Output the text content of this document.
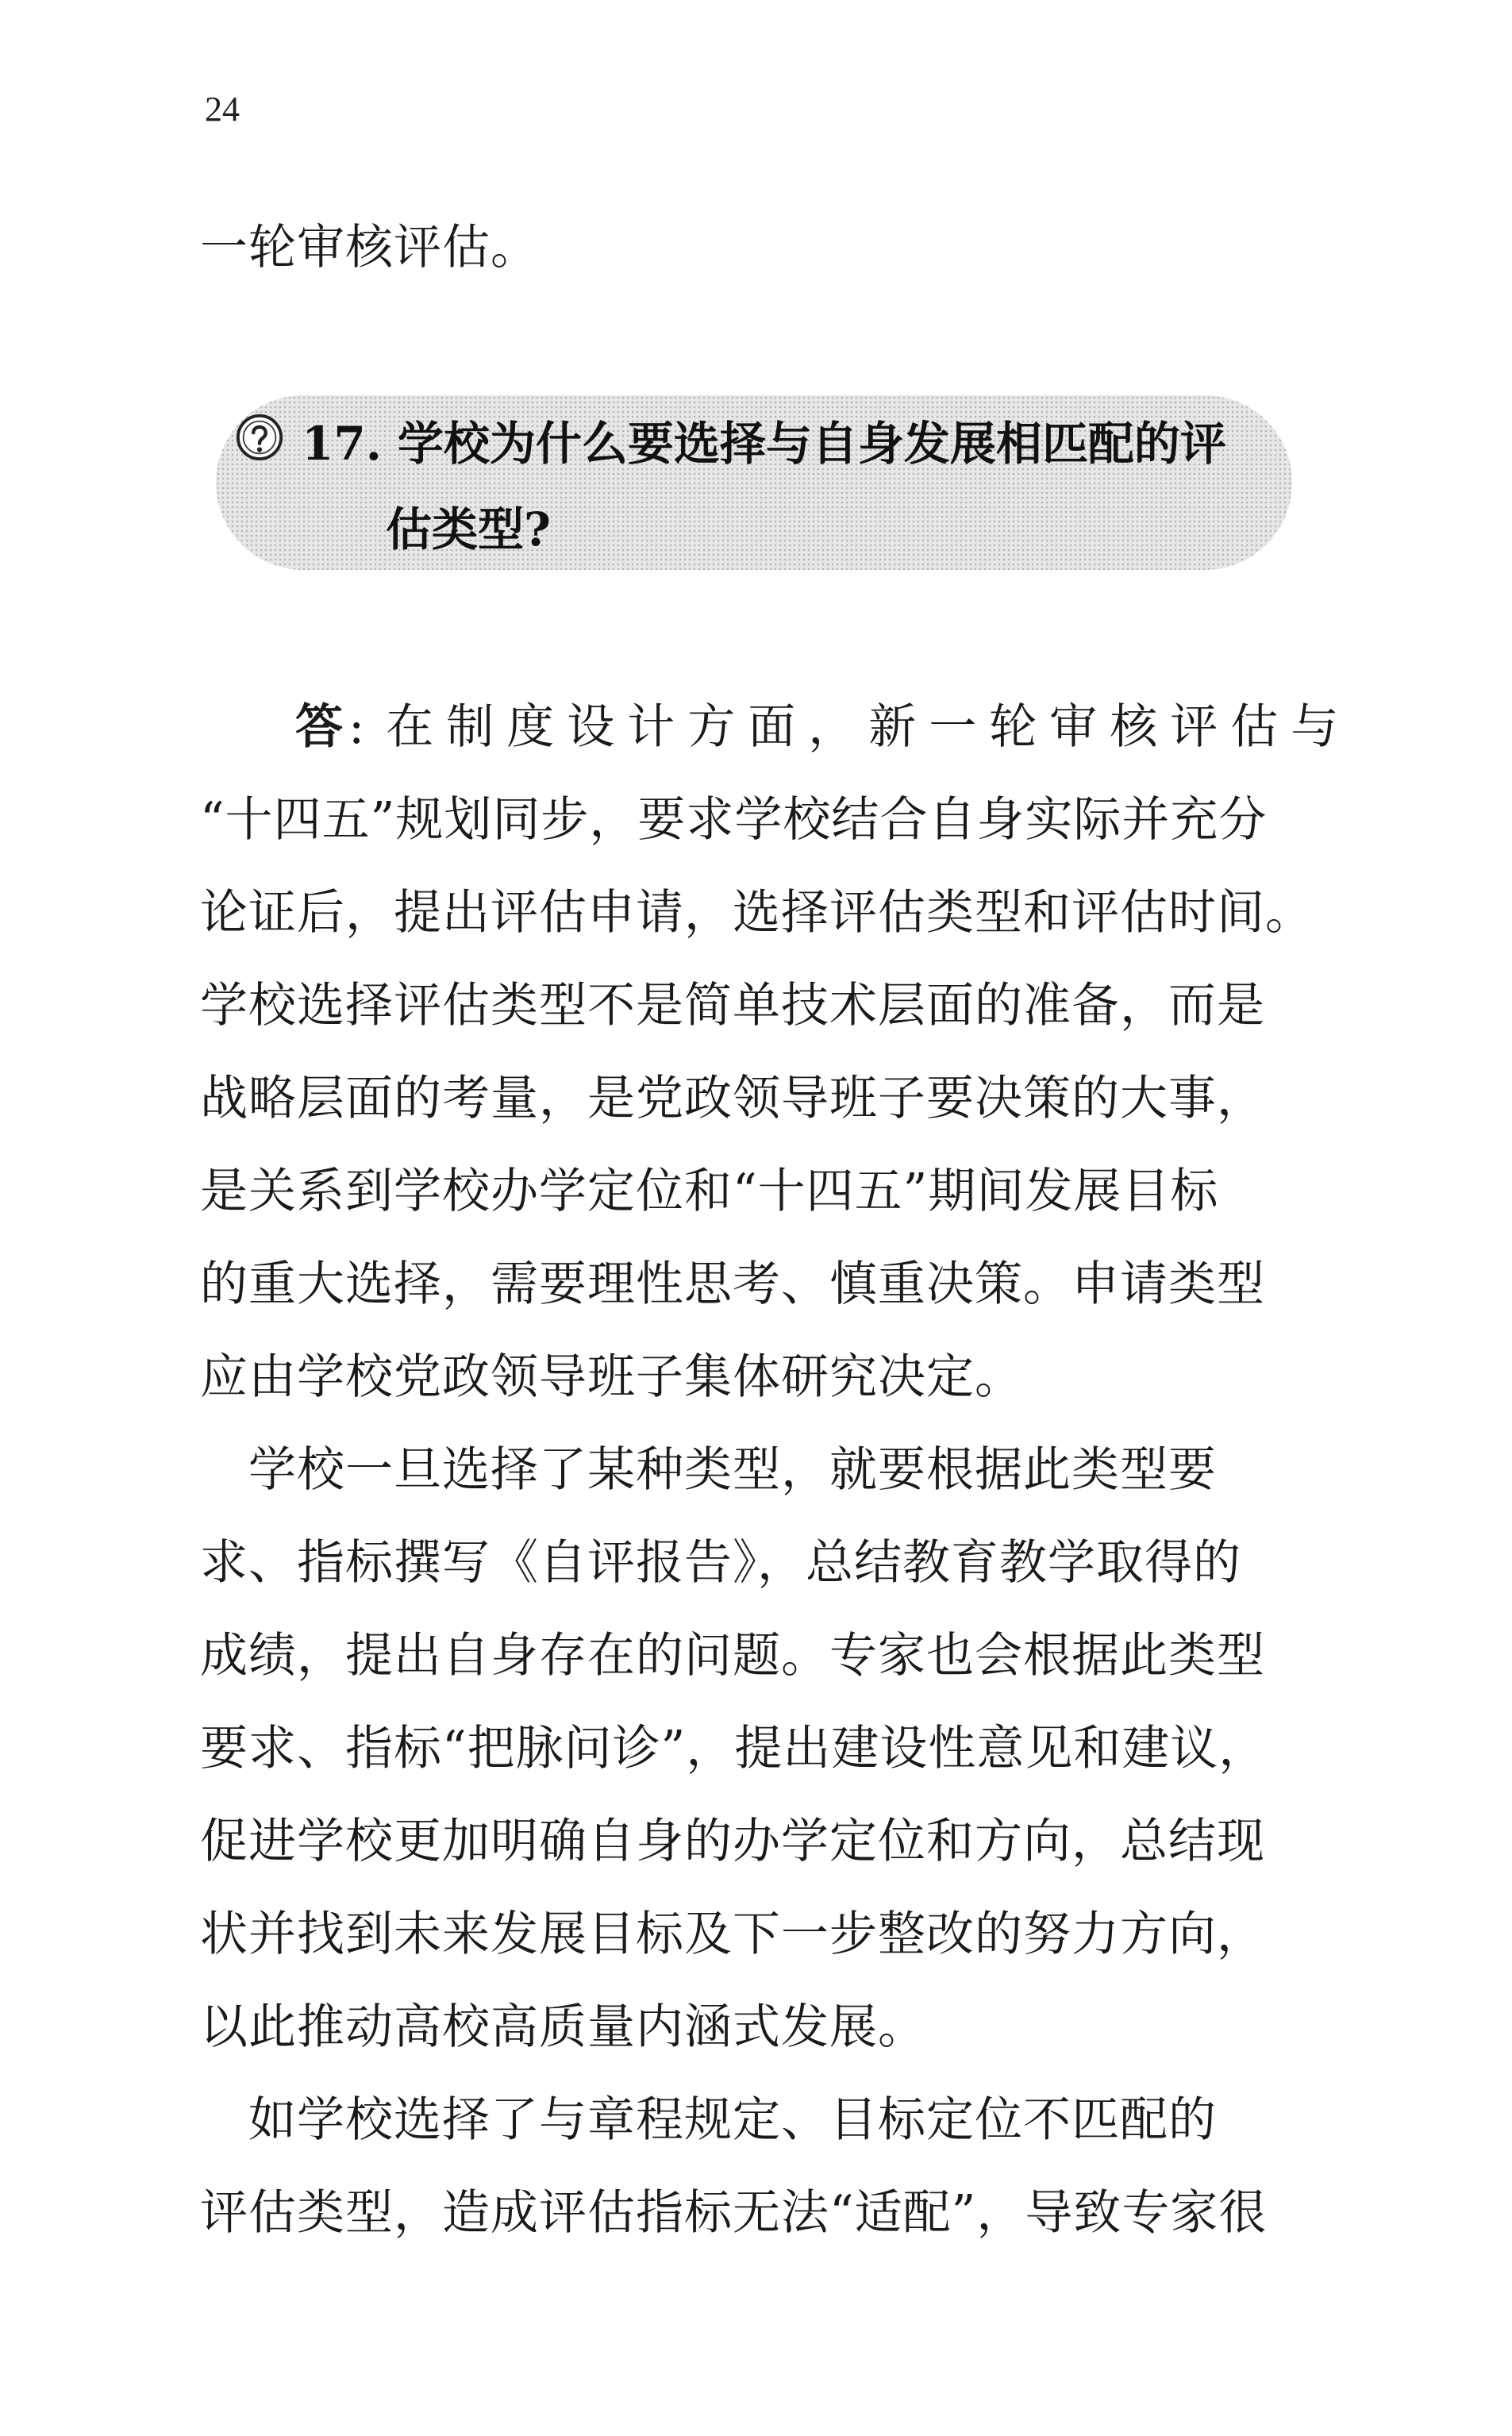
24
一轮审核评估。
17. 学校为什么要选择与自身发展相匹配的评
估类型?
答 : 在制度设计方面，新一轮审核评估与
“十四五”规划同步，要求学校结合自身实际并充分
论证后，提出评估申请，选择评估类型和评估时间。
学校选择评估类型不是简单技术层面的准备，而是
战略层面的考量，是党政领导班子要决策的大事，
是关系到学校办学定位和“十四五”期间发展目标
的重大选择，需要理性思考、慎重决策。申请类型
应由学校党政领导班子集体研究决定。
　学校一旦选择了某种类型，就要根据此类型要
求、指标撰写《自评报告》，总结教育教学取得的
成绩，提出自身存在的问题。专家也会根据此类型
要求、指标“把脉问诊”，提出建设性意见和建议，
促进学校更加明确自身的办学定位和方向，总结现
状并找到未来发展目标及下一步整改的努力方向，
以此推动高校高质量内涵式发展。
　如学校选择了与章程规定、目标定位不匹配的
评估类型，造成评估指标无法“适配”，导致专家很
